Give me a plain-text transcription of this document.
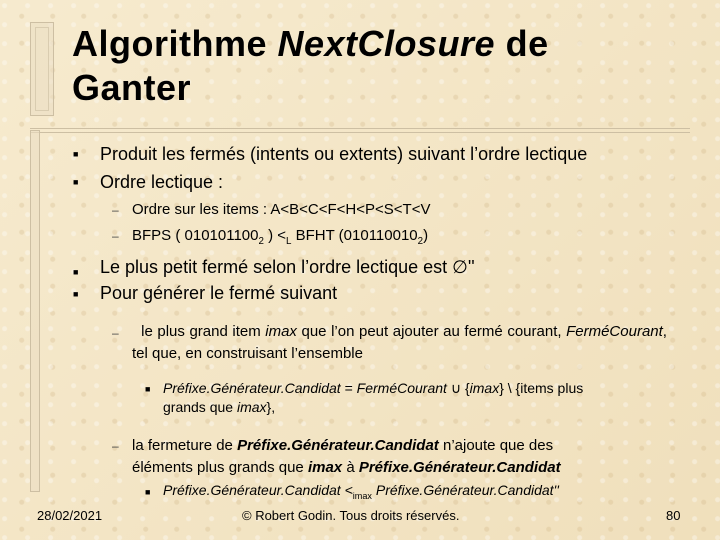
Algorithme NextClosure de
Ganter
■ Produit les fermés (intents ou extents) suivant l’ordre lectique
■ Ordre lectique :
– Ordre sur les items : A<B<C<F<H<P<S<T<V
– BFPS ( $010101100_2$ ) $<_L$ BFHT $(010110010_2)$
■ Le plus petit fermé selon l’ordre lectique est ∅''
■ Pour générer le fermé suivant
–	le plus grand item imax que l’on peut ajouter au fermé courant, FerméCourant, tel que, en construisant l’ensemble
■ Préfixe.Générateur.Candidat = FerméCourant ∪ {imax} \ {items plus
grands que imax},
– la fermeture de Préfixe.Générateur.Candidat n’ajoute que des
éléments plus grands que imax à Préfixe.Générateur.Candidat
■ Préfixe.Générateur.Candidat $<_{imax}$ Préfixe.Générateur.Candidat''
28/02/2021	© Robert Godin. Tous droits réservés.	80
